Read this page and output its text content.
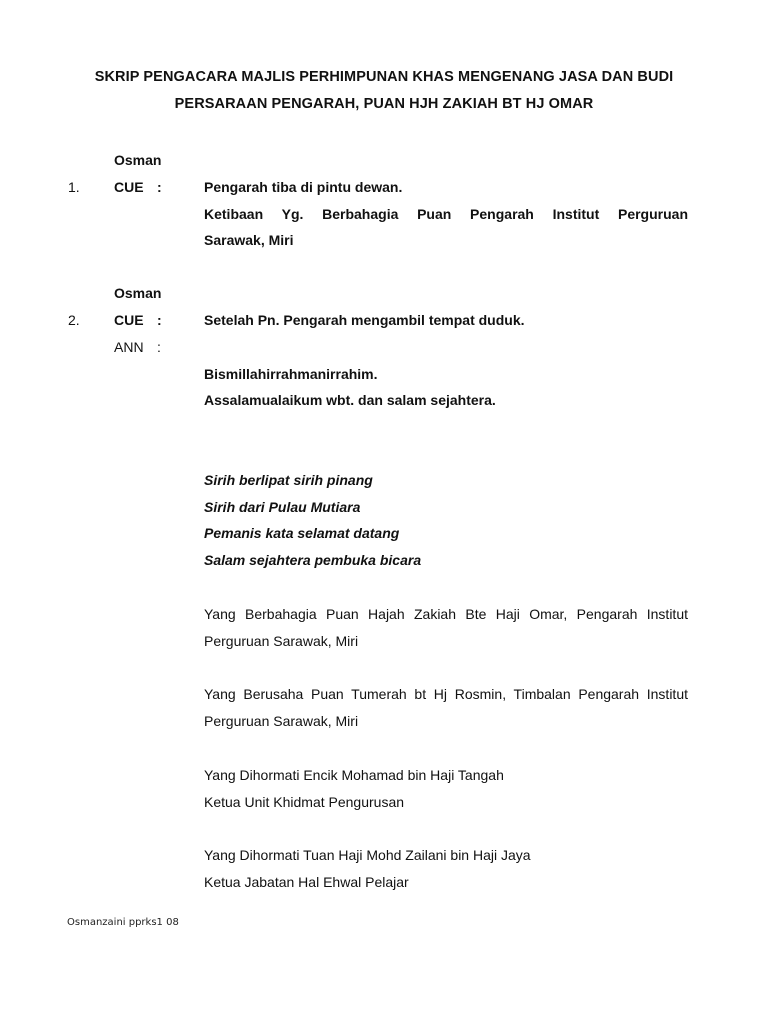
SKRIP PENGACARA MAJLIS PERHIMPUNAN KHAS MENGENANG JASA DAN BUDI
PERSARAAN PENGARAH, PUAN HJH ZAKIAH BT HJ OMAR
Osman
1. CUE :	Pengarah tiba di pintu dewan.
Ketibaan Yg. Berbahagia Puan Pengarah Institut Perguruan
Sarawak, Miri
Osman
2. CUE :	Setelah Pn. Pengarah mengambil tempat duduk.
ANN :
Bismillahirrahmanirrahim.
Assalamualaikum wbt. dan salam sejahtera.
Sirih berlipat sirih pinang
Sirih dari Pulau Mutiara
Pemanis kata selamat datang
Salam sejahtera pembuka bicara
Yang Berbahagia Puan Hajah Zakiah Bte Haji Omar, Pengarah Institut
Perguruan Sarawak, Miri
Yang Berusaha Puan Tumerah bt Hj Rosmin, Timbalan Pengarah Institut
Perguruan Sarawak, Miri
Yang Dihormati Encik Mohamad bin Haji Tangah
Ketua Unit Khidmat Pengurusan
Yang Dihormati Tuan Haji Mohd Zailani bin Haji Jaya
Ketua Jabatan Hal Ehwal Pelajar
Osmanzaini pprks1 08
